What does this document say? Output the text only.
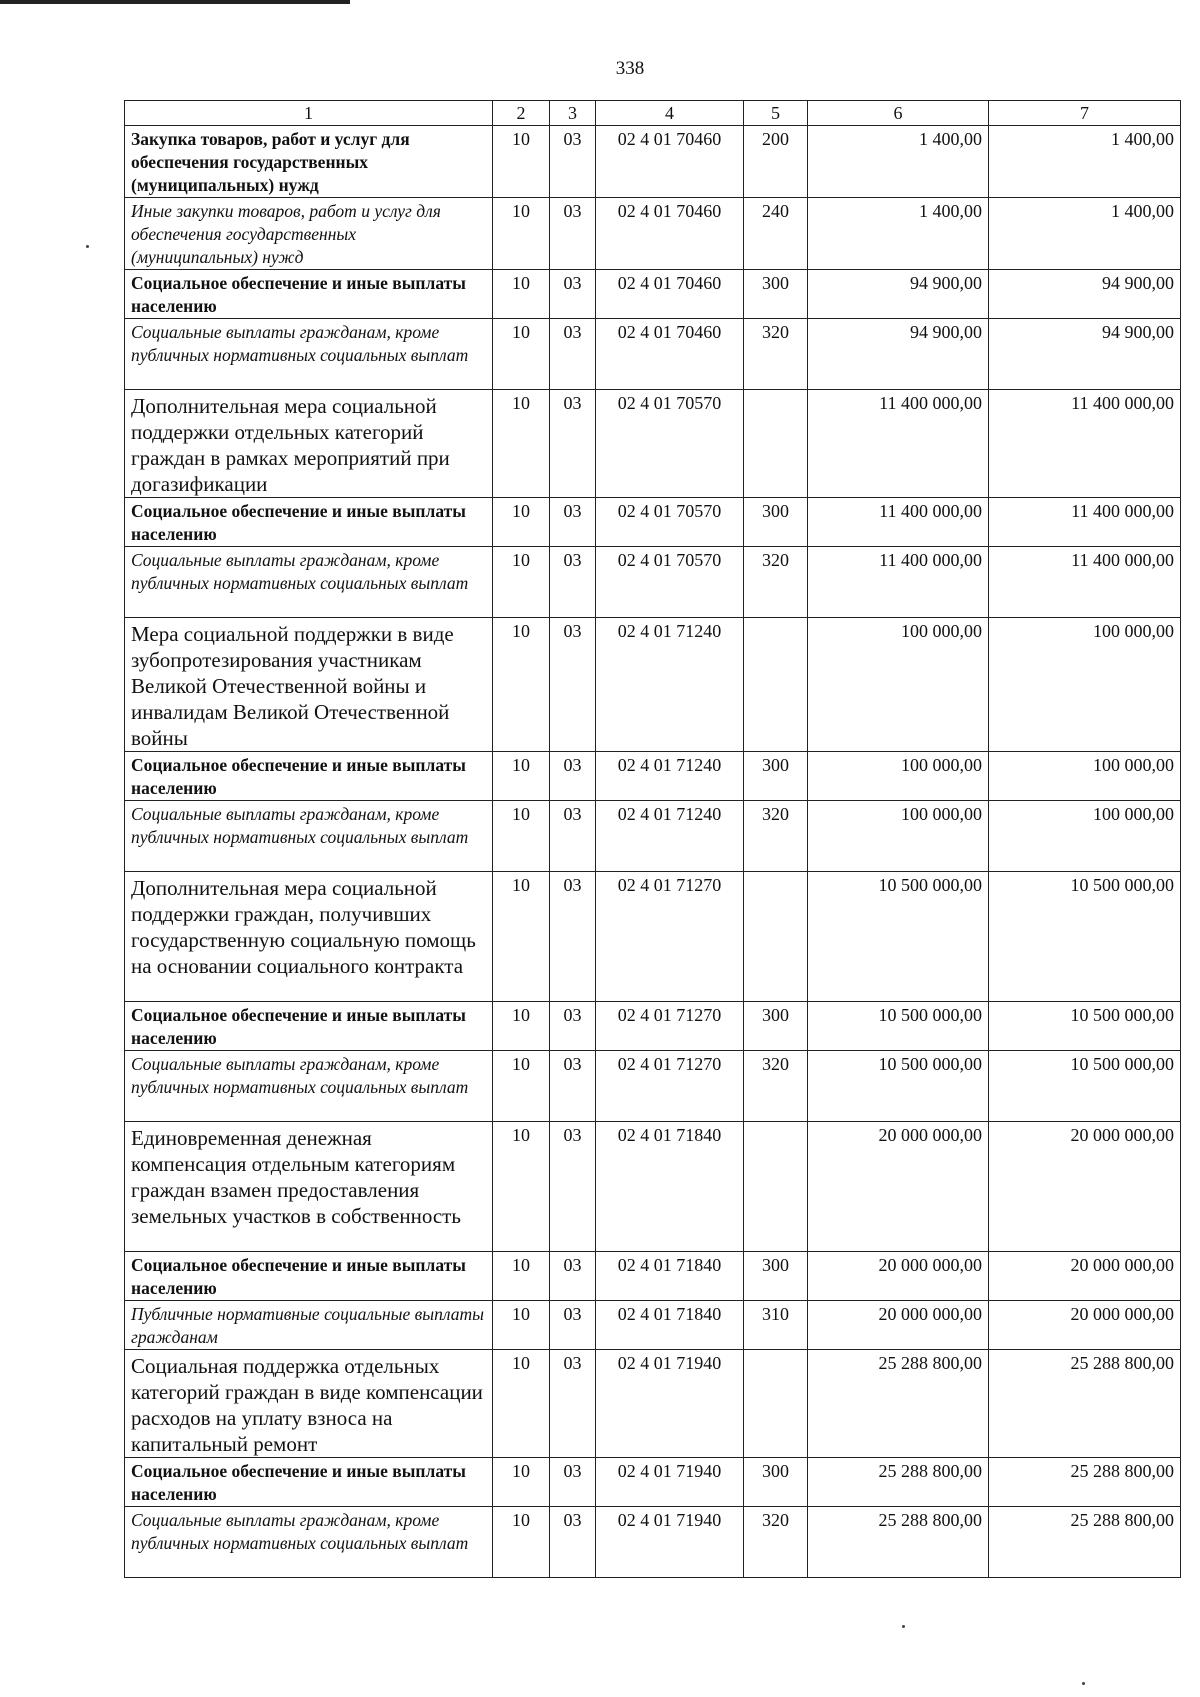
338
1	2	3	4	5	6	7
Закупка товаров, работ и услуг для обеспечения государственных (муниципальных) нужд	10	03	02 4 01 70460	200	1 400,00	1 400,00
Иные закупки товаров, работ и услуг для обеспечения государственных (муниципальных) нужд	10	03	02 4 01 70460	240	1 400,00	1 400,00
Социальное обеспечение и иные выплаты населению	10	03	02 4 01 70460	300	94 900,00	94 900,00
Социальные выплаты гражданам, кроме публичных нормативных социальных выплат	10	03	02 4 01 70460	320	94 900,00	94 900,00
Дополнительная мера социальной поддержки отдельных категорий граждан в рамках мероприятий при догазификации	10	03	02 4 01 70570		11 400 000,00	11 400 000,00
Социальное обеспечение и иные выплаты населению	10	03	02 4 01 70570	300	11 400 000,00	11 400 000,00
Социальные выплаты гражданам, кроме публичных нормативных социальных выплат	10	03	02 4 01 70570	320	11 400 000,00	11 400 000,00
Мера социальной поддержки в виде зубопротезирования участникам Великой Отечественной войны и инвалидам Великой Отечественной войны	10	03	02 4 01 71240		100 000,00	100 000,00
Социальное обеспечение и иные выплаты населению	10	03	02 4 01 71240	300	100 000,00	100 000,00
Социальные выплаты гражданам, кроме публичных нормативных социальных выплат	10	03	02 4 01 71240	320	100 000,00	100 000,00
Дополнительная мера социальной поддержки граждан, получивших государственную социальную помощь на основании социального контракта	10	03	02 4 01 71270		10 500 000,00	10 500 000,00
Социальное обеспечение и иные выплаты населению	10	03	02 4 01 71270	300	10 500 000,00	10 500 000,00
Социальные выплаты гражданам, кроме публичных нормативных социальных выплат	10	03	02 4 01 71270	320	10 500 000,00	10 500 000,00
Единовременная денежная компенсация отдельным категориям граждан взамен предоставления земельных участков в собственность	10	03	02 4 01 71840		20 000 000,00	20 000 000,00
Социальное обеспечение и иные выплаты населению	10	03	02 4 01 71840	300	20 000 000,00	20 000 000,00
Публичные нормативные социальные выплаты гражданам	10	03	02 4 01 71840	310	20 000 000,00	20 000 000,00
Социальная поддержка отдельных категорий граждан в виде компенсации расходов на уплату взноса на капитальный ремонт	10	03	02 4 01 71940		25 288 800,00	25 288 800,00
Социальное обеспечение и иные выплаты населению	10	03	02 4 01 71940	300	25 288 800,00	25 288 800,00
Социальные выплаты гражданам, кроме публичных нормативных социальных выплат	10	03	02 4 01 71940	320	25 288 800,00	25 288 800,00
